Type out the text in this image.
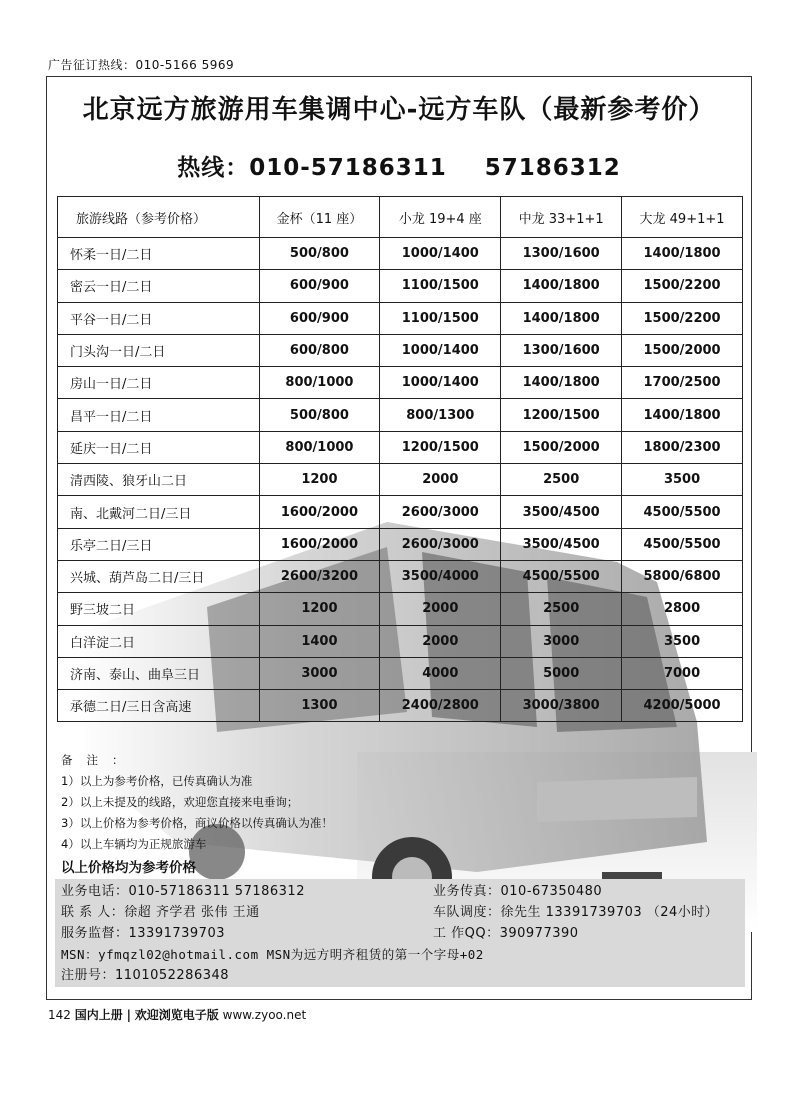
广告征订热线：010-5166 5969
北京远方旅游用车集调中心-远方车队（最新参考价）
热线：010-57186311 57186312
旅游线路（参考价格）	金杯（11 座）	小龙 19+4 座	中龙 33+1+1	大龙 49+1+1
怀柔一日/二日	500/800	1000/1400	1300/1600	1400/1800
密云一日/二日	600/900	1100/1500	1400/1800	1500/2200
平谷一日/二日	600/900	1100/1500	1400/1800	1500/2200
门头沟一日/二日	600/800	1000/1400	1300/1600	1500/2000
房山一日/二日	800/1000	1000/1400	1400/1800	1700/2500
昌平一日/二日	500/800	800/1300	1200/1500	1400/1800
延庆一日/二日	800/1000	1200/1500	1500/2000	1800/2300
清西陵、狼牙山二日	1200	2000	2500	3500
南、北戴河二日/三日	1600/2000	2600/3000	3500/4500	4500/5500
乐亭二日/三日	1600/2000	2600/3000	3500/4500	4500/5500
兴城、葫芦岛二日/三日	2600/3200	3500/4000	4500/5500	5800/6800
野三坡二日	1200	2000	2500	2800
白洋淀二日	1400	2000	3000	3500
济南、泰山、曲阜三日	3000	4000	5000	7000
承德二日/三日含高速	1300	2400/2800	3000/3800	4200/5000
备注：
1）以上为参考价格，已传真确认为准
2）以上未提及的线路，欢迎您直接来电垂询；
3）以上价格为参考价格，商议价格以传真确认为准！
4）以上车辆均为正规旅游车
以上价格均为参考价格
业务电话：010-57186311 57186312	业务传真：010-67350480
联 系 人：徐超 齐学君 张伟 王通	车队调度：徐先生 13391739703 （24小时）
服务监督：13391739703	工 作QQ：390977390
MSN：yfmqzl02@hotmail.com MSN为远方明齐租赁的第一个字母+02
注册号：1101052286348
142 国内上册 | 欢迎浏览电子版 www.zyoo.net
